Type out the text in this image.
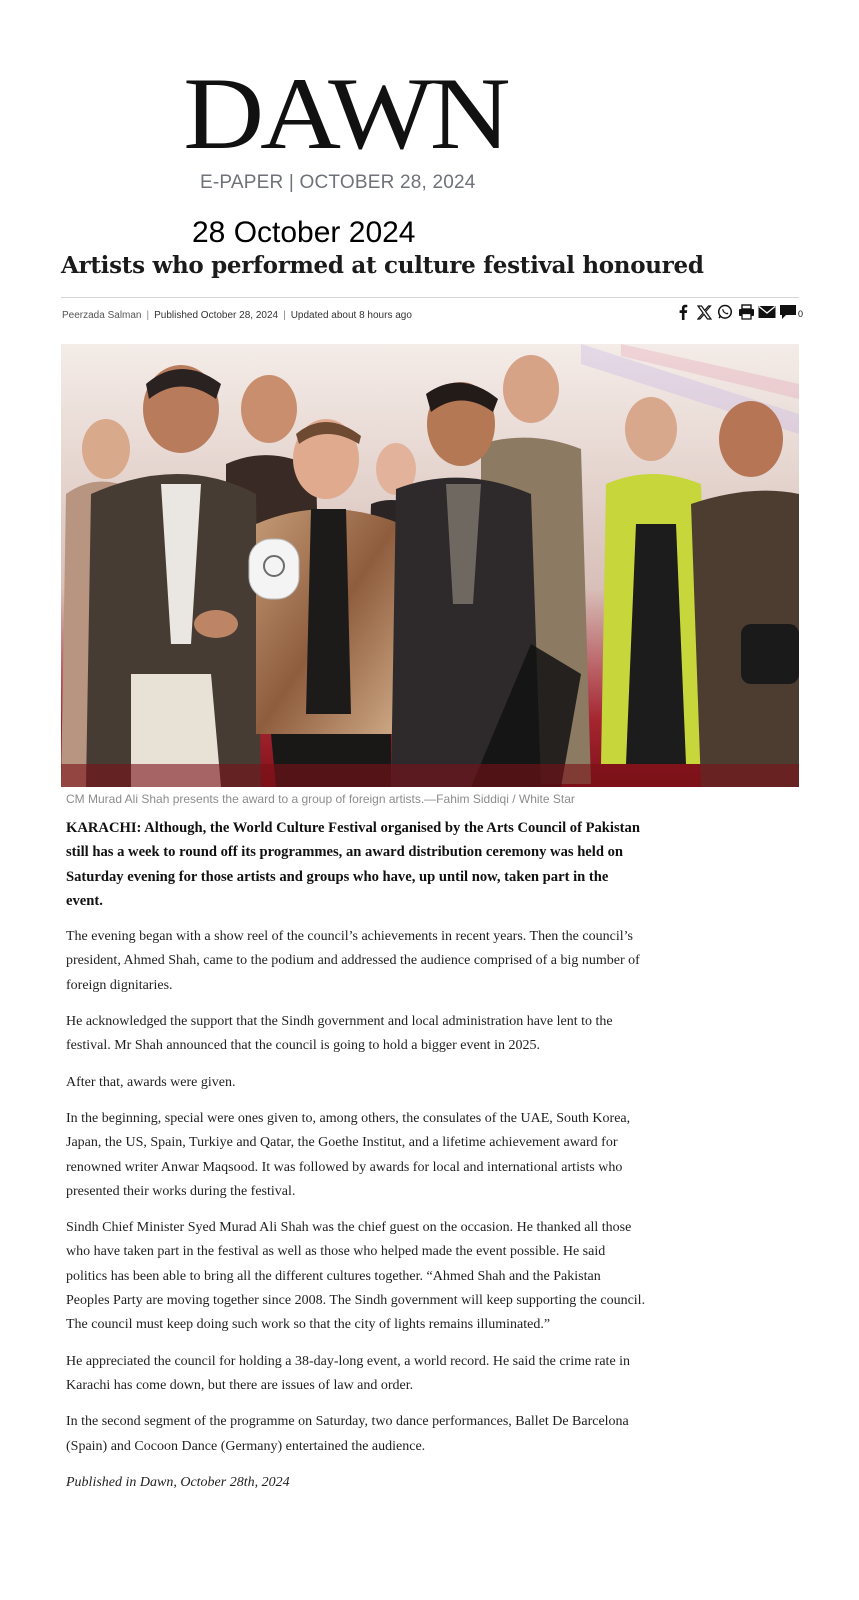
DAWN
E-PAPER | OCTOBER 28, 2024
28 October 2024
Artists who performed at culture festival honoured
Peerzada Salman | Published October 28, 2024 | Updated about 8 hours ago	0
CM Murad Ali Shah presents the award to a group of foreign artists.—Fahim Siddiqi / White Star

KARACHI: Although, the World Culture Festival organised by the Arts Council of Pakistan still has a week to round off its programmes, an award distribution ceremony was held on Saturday evening for those artists and groups who have, up until now, taken part in the event.

The evening began with a show reel of the council’s achievements in recent years. Then the council’s president, Ahmed Shah, came to the podium and addressed the audience comprised of a big number of foreign dignitaries.

He acknowledged the support that the Sindh government and local administration have lent to the festival. Mr Shah announced that the council is going to hold a bigger event in 2025.

After that, awards were given.

In the beginning, special were ones given to, among others, the consulates of the UAE, South Korea, Japan, the US, Spain, Turkiye and Qatar, the Goethe Institut, and a lifetime achievement award for renowned writer Anwar Maqsood. It was followed by awards for local and international artists who presented their works during the festival.

Sindh Chief Minister Syed Murad Ali Shah was the chief guest on the occasion. He thanked all those who have taken part in the festival as well as those who helped made the event possible. He said politics has been able to bring all the different cultures together. “Ahmed Shah and the Pakistan Peoples Party are moving together since 2008. The Sindh government will keep supporting the council. The council must keep doing such work so that the city of lights remains illuminated.”

He appreciated the council for holding a 38-day-long event, a world record. He said the crime rate in Karachi has come down, but there are issues of law and order.

In the second segment of the programme on Saturday, two dance performances, Ballet De Barcelona (Spain) and Cocoon Dance (Germany) entertained the audience.

Published in Dawn, October 28th, 2024
